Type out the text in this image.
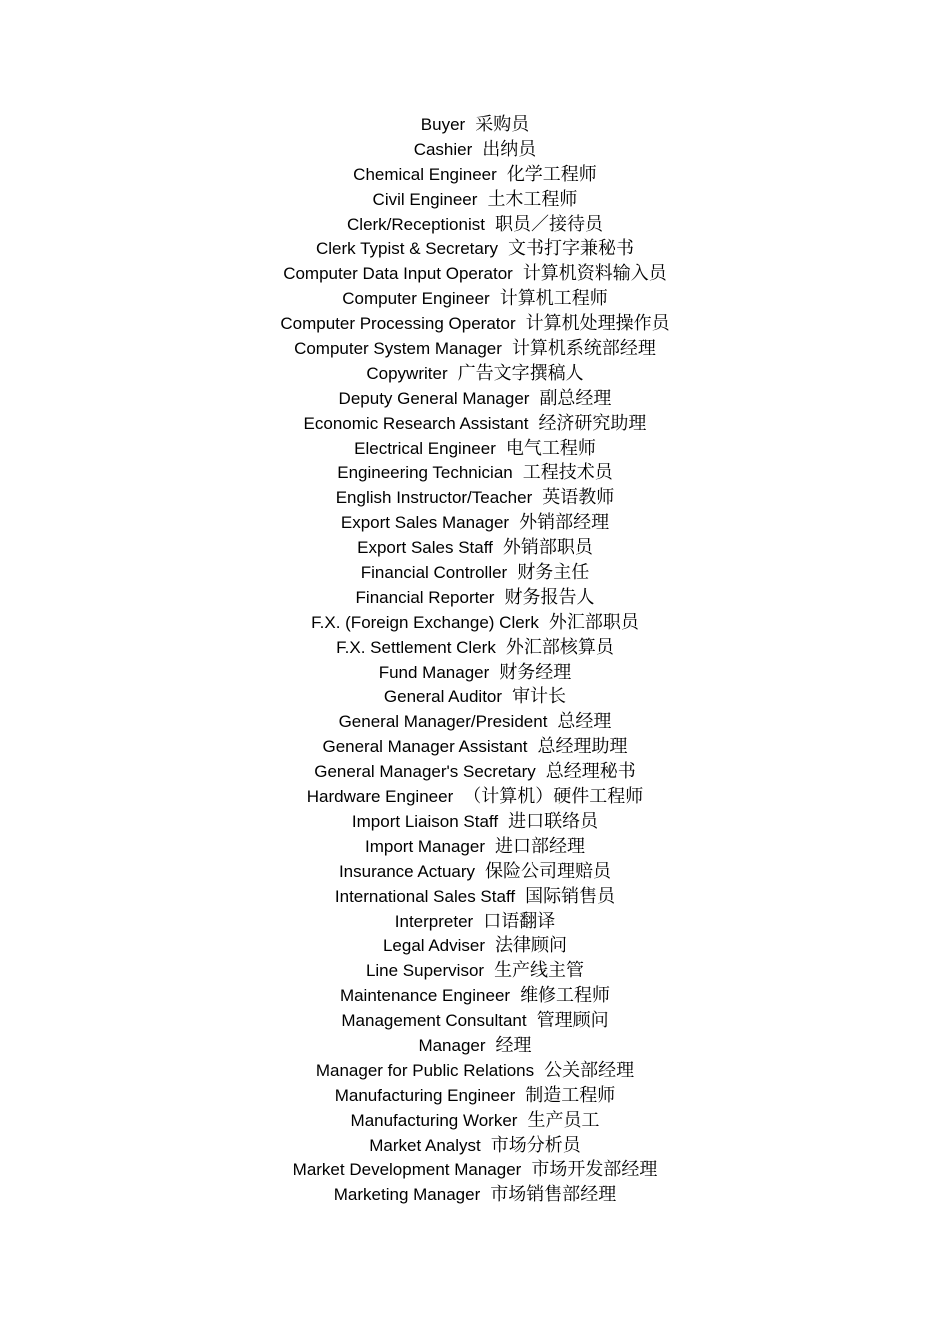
Buyer 采购员
Cashier 出纳员
Chemical Engineer 化学工程师
Civil Engineer 土木工程师
Clerk/Receptionist 职员／接待员
Clerk Typist & Secretary 文书打字兼秘书
Computer Data Input Operator 计算机资料输入员
Computer Engineer 计算机工程师
Computer Processing Operator 计算机处理操作员
Computer System Manager 计算机系统部经理
Copywriter 广告文字撰稿人
Deputy General Manager 副总经理
Economic Research Assistant 经济研究助理
Electrical Engineer 电气工程师
Engineering Technician 工程技术员
English Instructor/Teacher 英语教师
Export Sales Manager 外销部经理
Export Sales Staff 外销部职员
Financial Controller 财务主任
Financial Reporter 财务报告人
F.X. (Foreign Exchange) Clerk 外汇部职员
F.X. Settlement Clerk 外汇部核算员
Fund Manager 财务经理
General Auditor 审计长
General Manager/President 总经理
General Manager Assistant 总经理助理
General Manager's Secretary 总经理秘书
Hardware Engineer （计算机）硬件工程师
Import Liaison Staff 进口联络员
Import Manager 进口部经理
Insurance Actuary 保险公司理赔员
International Sales Staff 国际销售员
Interpreter 口语翻译
Legal Adviser 法律顾问
Line Supervisor 生产线主管
Maintenance Engineer 维修工程师
Management Consultant 管理顾问
Manager 经理
Manager for Public Relations 公关部经理
Manufacturing Engineer 制造工程师
Manufacturing Worker 生产员工
Market Analyst 市场分析员
Market Development Manager 市场开发部经理
Marketing Manager 市场销售部经理
